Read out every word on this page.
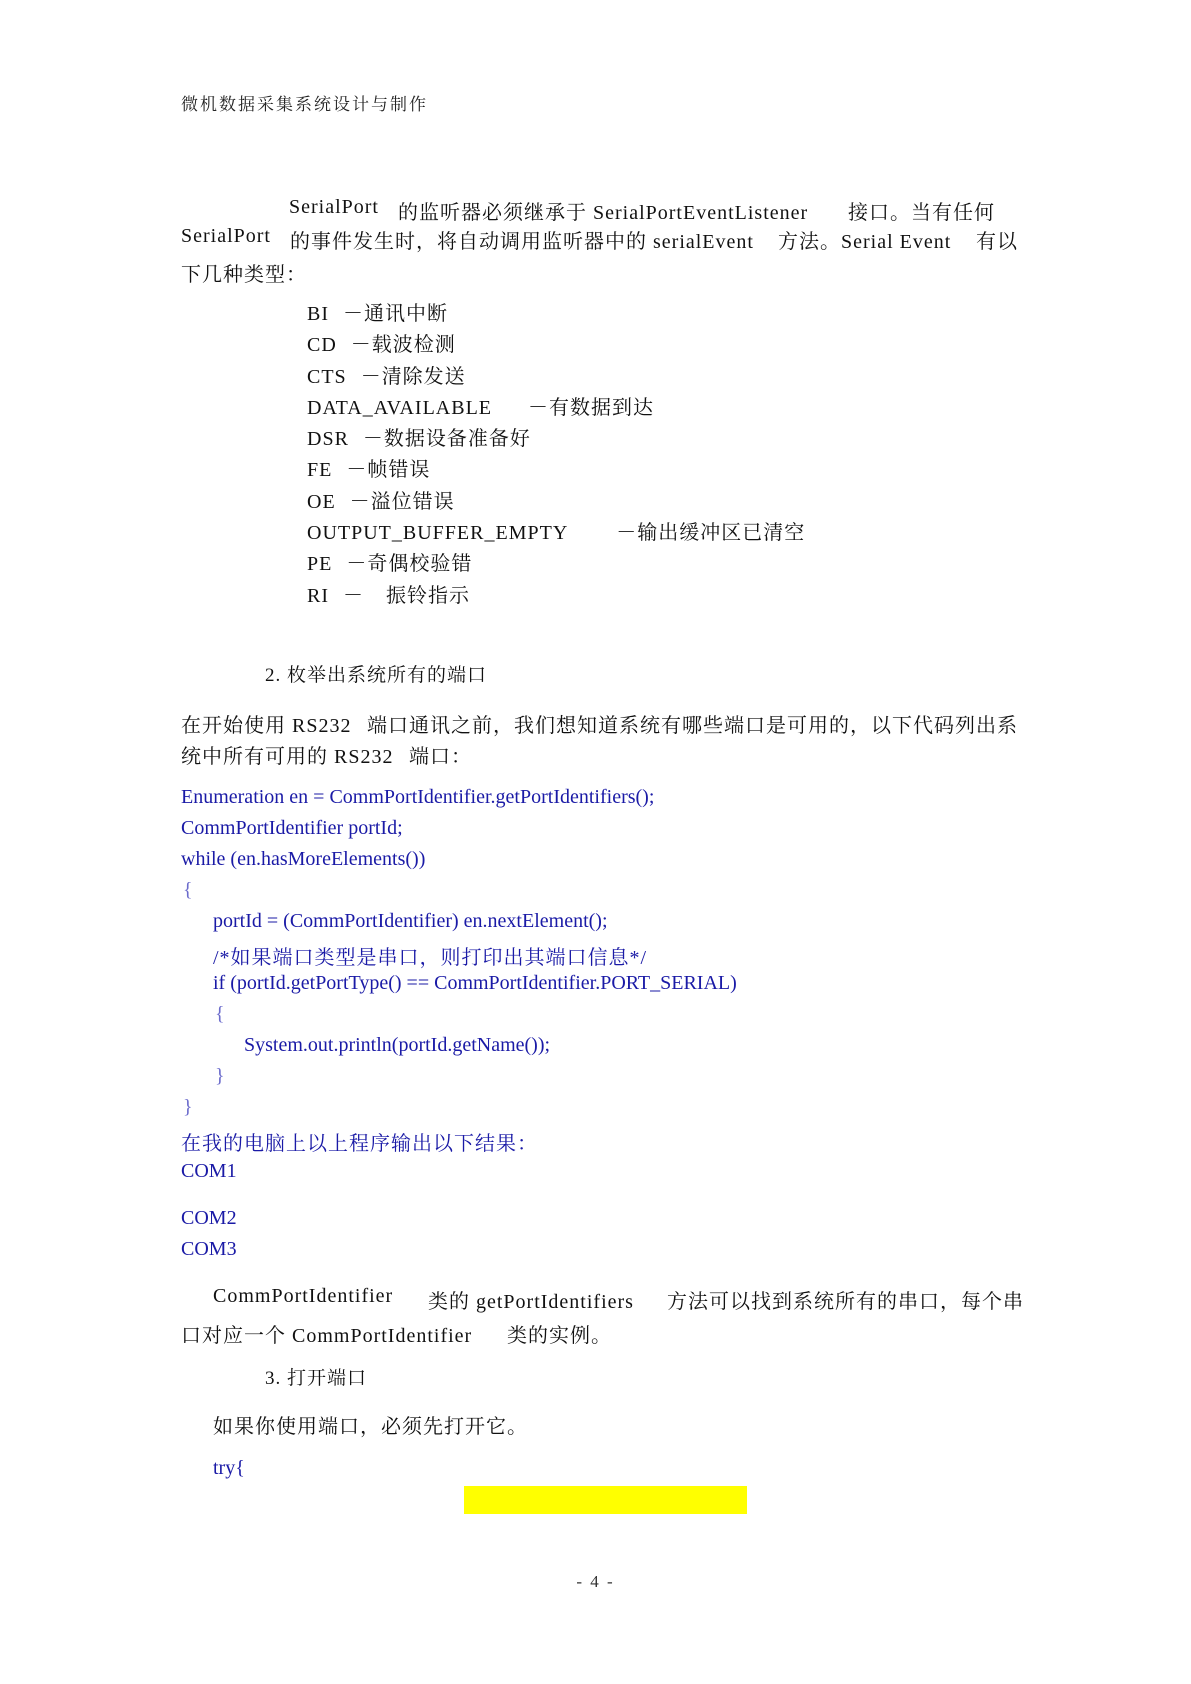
微机数据采集系统设计与制作
SerialPort 的监听器必须继承于 SerialPortEventListener 接口。当有任何
SerialPort 的事件发生时，将自动调用监听器中的 serialEvent 方法。Serial Event 有以
下几种类型：
BI －通讯中断
CD －载波检测
CTS －清除发送
DATA_AVAILABLE －有数据到达
DSR －数据设备准备好
FE －帧错误
OE －溢位错误
OUTPUT_BUFFER_EMPTY －输出缓冲区已清空
PE －奇偶校验错
RI － 振铃指示
2. 枚举出系统所有的端口
在开始使用 RS232 端口通讯之前，我们想知道系统有哪些端口是可用的，以下代码列出系
统中所有可用的 RS232 端口：
Enumeration en = CommPortIdentifier.getPortIdentifiers();
CommPortIdentifier portId;
while (en.hasMoreElements())
{
portId = (CommPortIdentifier) en.nextElement();
/*如果端口类型是串口，则打印出其端口信息*/
if (portId.getPortType() == CommPortIdentifier.PORT_SERIAL)
{
System.out.println(portId.getName());
}
}
在我的电脑上以上程序输出以下结果：
COM1
COM2
COM3
CommPortIdentifier 类的 getPortIdentifiers 方法可以找到系统所有的串口，每个串
口对应一个 CommPortIdentifier 类的实例。
3. 打开端口
如果你使用端口，必须先打开它。
try{
- 4 -
